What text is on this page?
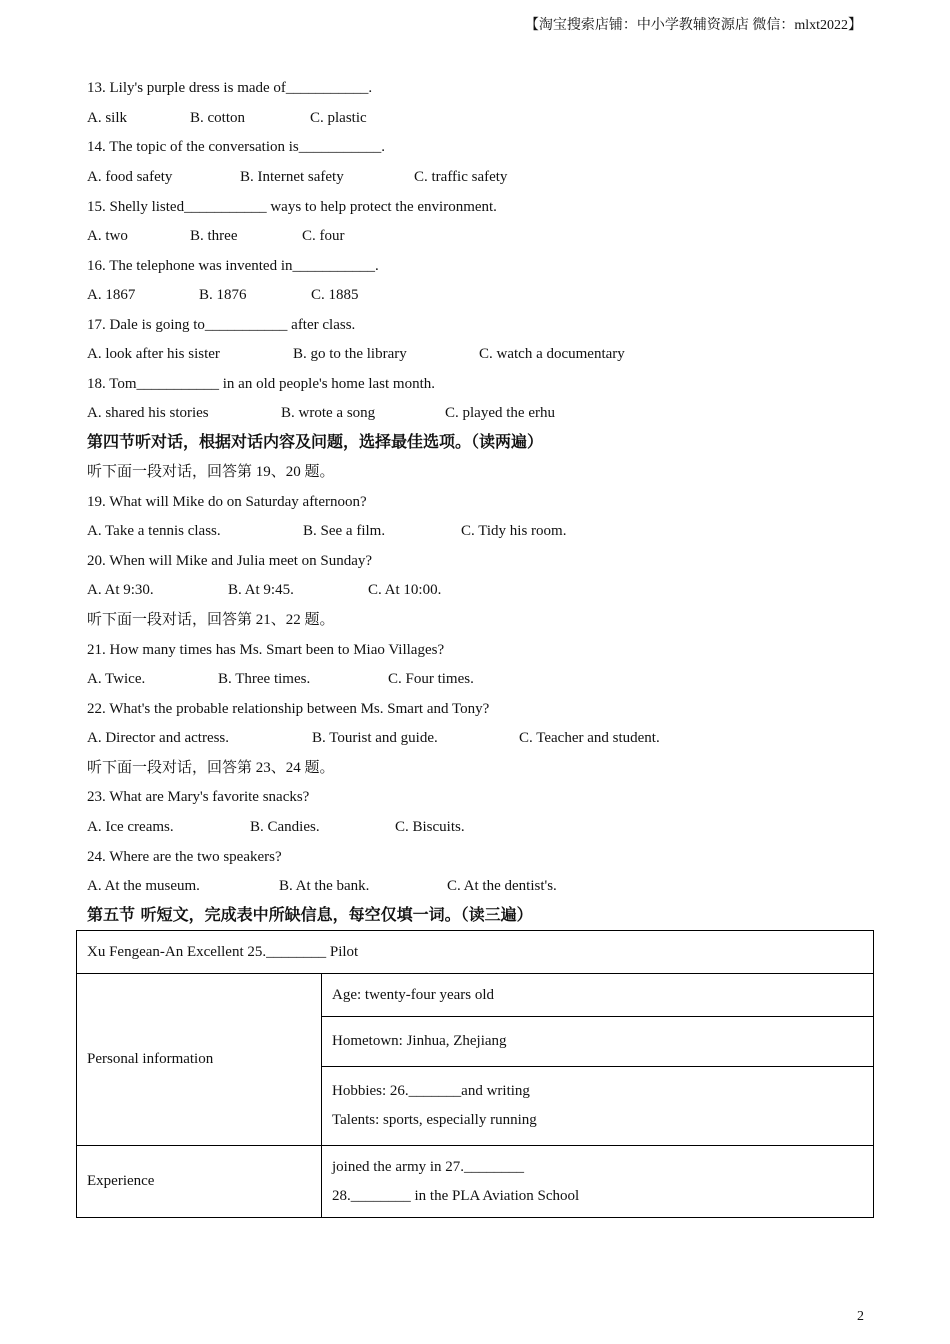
【淘宝搜索店铺：中小学教辅资源店 微信：mlxt2022】
13. Lily's purple dress is made of___________.
A. silk	B. cotton	C. plastic
14. The topic of the conversation is___________.
A. food safety	B. Internet safety	C. traffic safety
15. Shelly listed___________ ways to help protect the environment.
A. two	B. three	C. four
16. The telephone was invented in___________.
A. 1867	B. 1876	C. 1885
17. Dale is going to___________ after class.
A. look after his sister	B. go to the library	C. watch a documentary
18. Tom___________ in an old people's home last month.
A. shared his stories	B. wrote a song	C. played the erhu
第四节听对话，根据对话内容及问题，选择最佳选项。（读两遍）
听下面一段对话，回答第 19、20 题。
19. What will Mike do on Saturday afternoon?
A. Take a tennis class.	B. See a film.	C. Tidy his room.
20. When will Mike and Julia meet on Sunday?
A. At 9:30.	B. At 9:45.	C. At 10:00.
听下面一段对话，回答第 21、22 题。
21. How many times has Ms. Smart been to Miao Villages?
A. Twice.	B. Three times.	C. Four times.
22. What's the probable relationship between Ms. Smart and Tony?
A. Director and actress.	B. Tourist and guide.	C. Teacher and student.
听下面一段对话，回答第 23、24 题。
23. What are Mary's favorite snacks?
A. Ice creams.	B. Candies.	C. Biscuits.
24. Where are the two speakers?
A. At the museum.	B. At the bank.	C. At the dentist's.
第五节 听短文，完成表中所缺信息，每空仅填一词。（读三遍）
Xu Fengean-An Excellent 25.________ Pilot	
Personal information	Age: twenty-four years old
	Hometown: Jinhua, Zhejiang

	Hobbies: 26._______and writing
Talents: sports, especially running

Experience	joined the army in 27.________
28.________ in the PLA Aviation School
2
